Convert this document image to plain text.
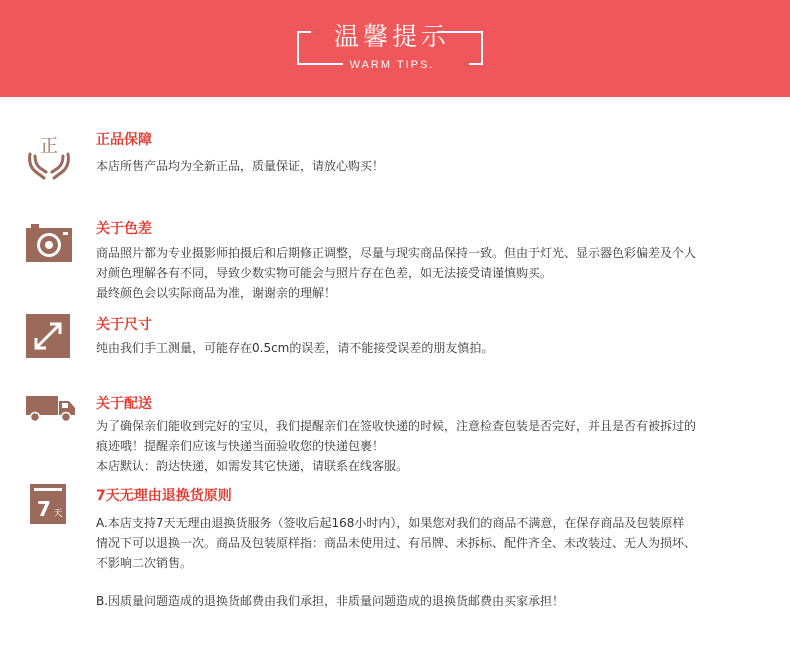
温馨提示
WARM TIPS.
正	正品保障
本店所售产品均为全新正品，质量保证，请放心购买！
关于色差
商品照片都为专业摄影师拍摄后和后期修正调整，尽量与现实商品保持一致。但由于灯光、显示器色彩偏差及个人
对颜色理解各有不同，导致少数实物可能会与照片存在色差，如无法接受请谨慎购买。
最终颜色会以实际商品为准，谢谢亲的理解！
关于尺寸
纯由我们手工测量，可能存在0.5cm的误差，请不能接受误差的朋友慎拍。
关于配送
为了确保亲们能收到完好的宝贝，我们提醒亲们在签收快递的时候，注意检查包装是否完好，并且是否有被拆过的
痕迹哦！提醒亲们应该与快递当面验收您的快递包裹！
本店默认：韵达快递，如需发其它快递，请联系在线客服。
7 天
7天无理由退换货原则
A.本店支持7天无理由退换货服务（签收后起168小时内），如果您对我们的商品不满意，在保存商品及包装原样
情况下可以退换一次。商品及包装原样指：商品未使用过、有吊牌、未拆标、配件齐全、未改装过、无人为损坏、
不影响二次销售。
B.因质量问题造成的退换货邮费由我们承担，非质量问题造成的退换货邮费由买家承担！
